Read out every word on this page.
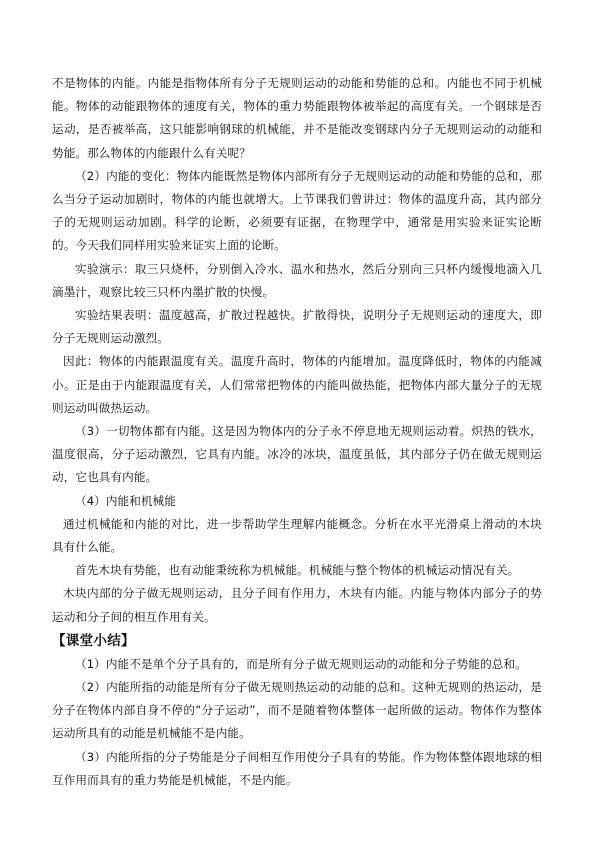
不是物体的内能。内能是指物体所有分子无规则运动的动能和势能的总和。内能也不同于机械能。物体的动能跟物体的速度有关，物体的重力势能跟物体被举起的高度有关。一个钢球是否运动，是否被举高，这只能影响钢球的机械能，并不是能改变钢球内分子无规则运动的动能和势能。那么物体的内能跟什么有关呢？

（2）内能的变化：物体内能既然是物体内部所有分子无规则运动的动能和势能的总和，那么当分子运动加剧时，物体的内能也就增大。上节课我们曾讲过：物体的温度升高，其内部分子的无规则运动加剧。科学的论断，必须要有证据，在物理学中，通常是用实验来证实论断的。今天我们同样用实验来证实上面的论断。

实验演示：取三只烧杯，分别倒入冷水、温水和热水，然后分别向三只杯内缓慢地滴入几滴墨汁，观察比较三只杯内墨扩散的快慢。

实验结果表明：温度越高，扩散过程越快。扩散得快，说明分子无规则运动的速度大，即分子无规则运动激烈。

因此：物体的内能跟温度有关。温度升高时，物体的内能增加。温度降低时，物体的内能减小。正是由于内能跟温度有关，人们常常把物体的内能叫做热能，把物体内部大量分子的无规则运动叫做热运动。

（3）一切物体都有内能。这是因为物体内的分子永不停息地无规则运动着。炽热的铁水，温度很高，分子运动激烈，它具有内能。冰冷的冰块，温度虽低，其内部分子仍在做无规则运动，它也具有内能。

（4）内能和机械能

通过机械能和内能的对比，进一步帮助学生理解内能概念。分析在水平光滑桌上滑动的木块具有什么能。

首先木块有势能，也有动能秉统称为机械能。机械能与整个物体的机械运动情况有关。

木块内部的分子做无规则运动，且分子间有作用力，木块有内能。内能与物体内部分子的势运动和分子间的相互作用有关。

【课堂小结】

（1）内能不是单个分子具有的，而是所有分子做无规则运动的动能和分子势能的总和。

（2）内能所指的动能是所有分子做无规则热运动的动能的总和。这种无规则的热运动，是分子在物体内部自身不停的“分子运动”，而不是随着物体整体一起所做的运动。物体作为整体运动所具有的动能是机械能不是内能。

（3）内能所指的分子势能是分子间相互作用使分子具有的势能。作为物体整体跟地球的相互作用而具有的重力势能是机械能，不是内能。
